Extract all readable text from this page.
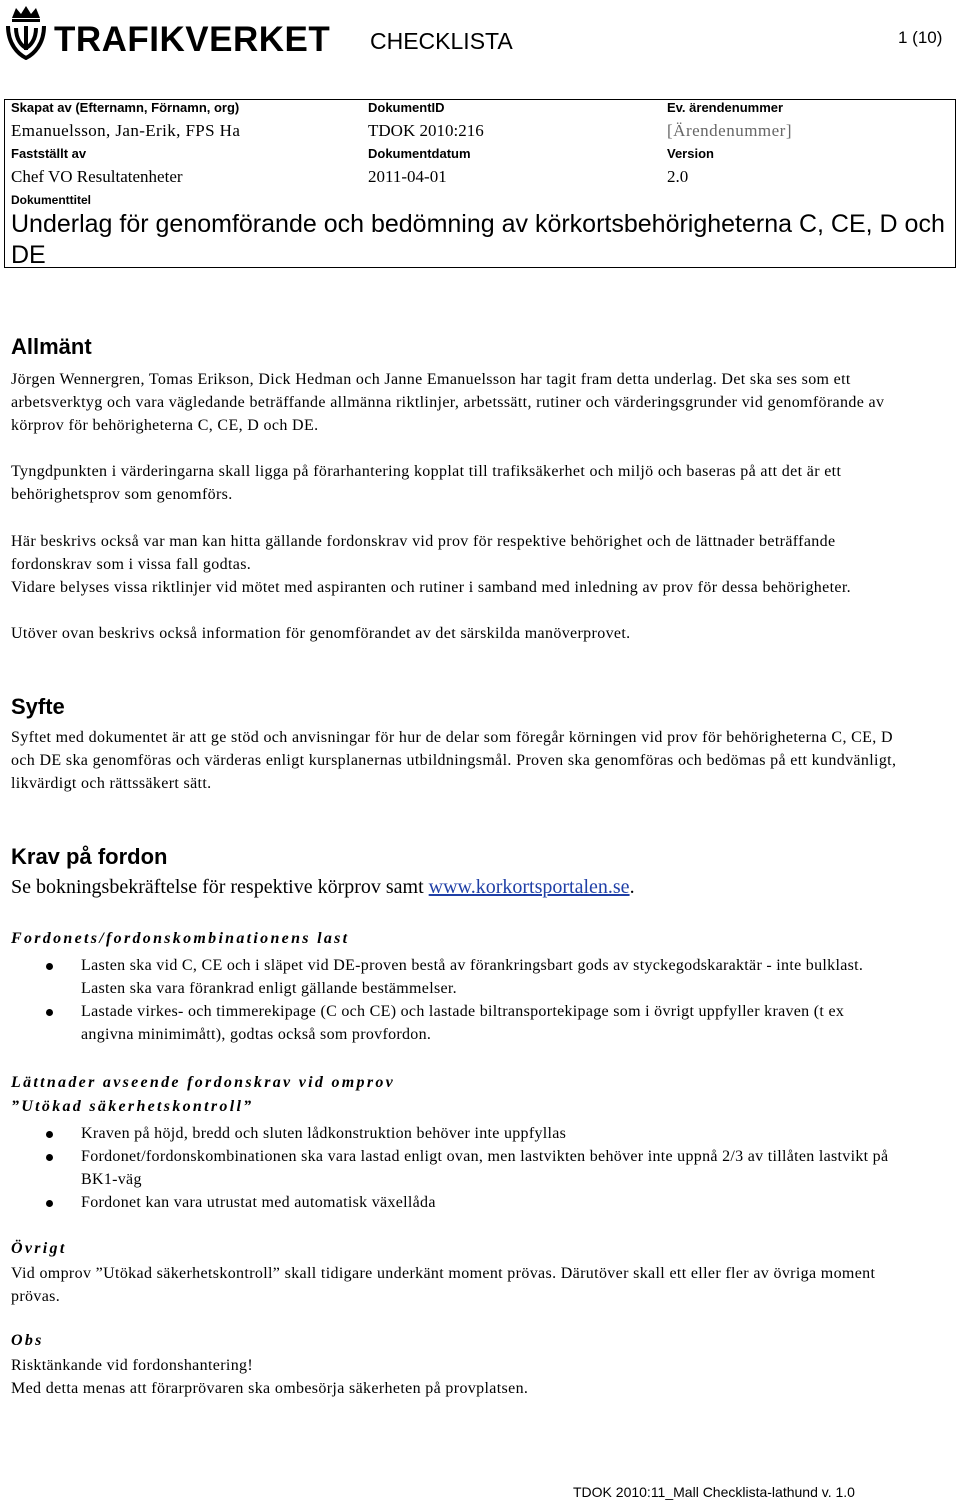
TRAFIKVERKET CHECKLISTA	1 (10)
Skapat av (Efternamn, Förnamn, org)
Emanuelsson, Jan-Erik, FPS Ha
DokumentID
TDOK 2010:216
Ev. ärendenummer
[Ärendenummer]
Fastställt av
Chef VO Resultatenheter
Dokumentdatum
2011-04-01
Version
2.0
Dokumenttitel
Underlag för genomförande och bedömning av körkortsbehörigheterna C, CE, D och DE
Allmänt

Jörgen Wennergren, Tomas Erikson, Dick Hedman och Janne Emanuelsson har tagit fram detta underlag. Det ska ses som ett arbetsverktyg och vara vägledande beträffande allmänna riktlinjer, arbetssätt, rutiner och värderingsgrunder vid genomförande av körprov för behörigheterna C, CE, D och DE.

Tyngdpunkten i värderingarna skall ligga på förarhantering kopplat till trafiksäkerhet och miljö och baseras på att det är ett behörighetsprov som genomförs.

Här beskrivs också var man kan hitta gällande fordonskrav vid prov för respektive behörighet och de lättnader beträffande fordonskrav som i vissa fall godtas.

Vidare belyses vissa riktlinjer vid mötet med aspiranten och rutiner i samband med inledning av prov för dessa behörigheter.

Utöver ovan beskrivs också information för genomförandet av det särskilda manöverprovet.

Syfte

Syftet med dokumentet är att ge stöd och anvisningar för hur de delar som föregår körningen vid prov för behörigheterna C, CE, D och DE ska genomföras och värderas enligt kursplanernas utbildningsmål. Proven ska genomföras och bedömas på ett kundvänligt, likvärdigt och rättssäkert sätt.

Krav på fordon
Se bokningsbekräftelse för respektive körprov samt www.korkortsportalen.se.
Fordonets/fordonskombinationens last
Lasten ska vid C, CE och i släpet vid DE-proven bestå av förankringsbart gods av styckegodskaraktär - inte bulklast. Lasten ska vara förankrad enligt gällande bestämmelser.
Lastade virkes- och timmerekipage (C och CE) och lastade biltransportekipage som i övrigt uppfyller kraven (t ex angivna minimimått), godtas också som provfordon.
Lättnader avseende fordonskrav vid omprov
”Utökad säkerhetskontroll”
Kraven på höjd, bredd och sluten lådkonstruktion behöver inte uppfyllas
Fordonet/fordonskombinationen ska vara lastad enligt ovan, men lastvikten behöver inte uppnå 2/3 av tillåten lastvikt på BK1-väg
Fordonet kan vara utrustat med automatisk växellåda
Övrigt

Vid omprov ”Utökad säkerhetskontroll” skall tidigare underkänt moment prövas. Därutöver skall ett eller fler av övriga moment prövas.

Obs

Risktänkande vid fordonshantering!

Med detta menas att förarprövaren ska ombesörja säkerheten på provplatsen.

TDOK 2010:11_Mall Checklista-lathund v. 1.0
